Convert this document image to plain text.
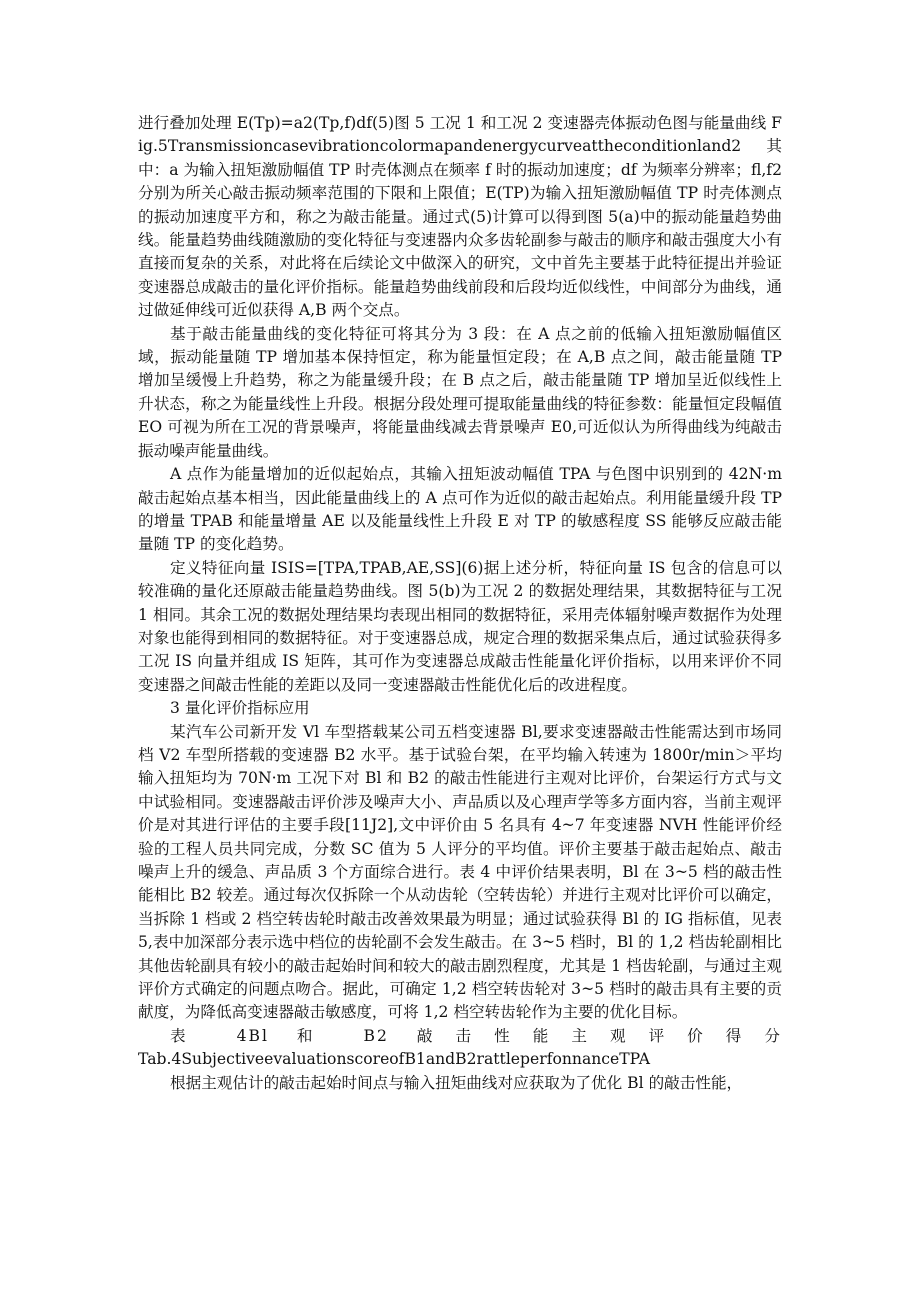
进行叠加处理 E(Tp)=a2(Tp,f)df(5)图 5 工况 1 和工况 2 变速器壳体振动色图与能量曲线 Fig.5Transmissioncasevibrationcolormapandenergycurveattheconditionland2 其中：a 为输入扭矩激励幅值 TP 时壳体测点在频率 f 时的振动加速度；df 为频率分辨率；fl,f2 分别为所关心敲击振动频率范围的下限和上限值；E(TP)为输入扭矩激励幅值 TP 时壳体测点的振动加速度平方和，称之为敲击能量。通过式(5)计算可以得到图 5(a)中的振动能量趋势曲线。能量趋势曲线随激励的变化特征与变速器内众多齿轮副参与敲击的顺序和敲击强度大小有直接而复杂的关系，对此将在后续论文中做深入的研究，文中首先主要基于此特征提出并验证变速器总成敲击的量化评价指标。能量趋势曲线前段和后段均近似线性，中间部分为曲线，通过做延伸线可近似获得 A,B 两个交点。

基于敲击能量曲线的变化特征可将其分为 3 段：在 A 点之前的低输入扭矩激励幅值区域，振动能量随 TP 增加基本保持恒定，称为能量恒定段；在 A,B 点之间，敲击能量随 TP 增加呈缓慢上升趋势，称之为能量缓升段；在 B 点之后，敲击能量随 TP 增加呈近似线性上升状态，称之为能量线性上升段。根据分段处理可提取能量曲线的特征参数：能量恒定段幅值 EO 可视为所在工况的背景噪声，将能量曲线减去背景噪声 E0,可近似认为所得曲线为纯敲击振动噪声能量曲线。

A 点作为能量增加的近似起始点，其输入扭矩波动幅值 TPA 与色图中识别到的 42N·m 敲击起始点基本相当，因此能量曲线上的 A 点可作为近似的敲击起始点。利用能量缓升段 TP 的增量 TPAB 和能量增量 AE 以及能量线性上升段 E 对 TP 的敏感程度 SS 能够反应敲击能量随 TP 的变化趋势。

定义特征向量 ISIS=[TPA,TPAB,AE,SS](6)据上述分析，特征向量 IS 包含的信息可以较准确的量化还原敲击能量趋势曲线。图 5(b)为工况 2 的数据处理结果，其数据特征与工况 1 相同。其余工况的数据处理结果均表现出相同的数据特征，采用壳体辐射噪声数据作为处理对象也能得到相同的数据特征。对于变速器总成，规定合理的数据采集点后，通过试验获得多工况 IS 向量并组成 IS 矩阵，其可作为变速器总成敲击性能量化评价指标，以用来评价不同变速器之间敲击性能的差距以及同一变速器敲击性能优化后的改进程度。

3 量化评价指标应用

某汽车公司新开发 Vl 车型搭载某公司五档变速器 Bl,要求变速器敲击性能需达到市场同档 V2 车型所搭载的变速器 B2 水平。基于试验台架，在平均输入转速为 1800r/min＞平均输入扭矩均为 70N·m 工况下对 Bl 和 B2 的敲击性能进行主观对比评价，台架运行方式与文中试验相同。变速器敲击评价涉及噪声大小、声品质以及心理声学等多方面内容，当前主观评价是对其进行评估的主要手段[11J2],文中评价由 5 名具有 4~7 年变速器 NVH 性能评价经验的工程人员共同完成，分数 SC 值为 5 人评分的平均值。评价主要基于敲击起始点、敲击噪声上升的缓急、声品质 3 个方面综合进行。表 4 中评价结果表明，Bl 在 3~5 档的敲击性能相比 B2 较差。通过每次仅拆除一个从动齿轮（空转齿轮）并进行主观对比评价可以确定，当拆除 1 档或 2 档空转齿轮时敲击改善效果最为明显；通过试验获得 Bl 的 IG 指标值，见表 5,表中加深部分表示选中档位的齿轮副不会发生敲击。在 3~5 档时，Bl 的 1,2 档齿轮副相比其他齿轮副具有较小的敲击起始时间和较大的敲击剧烈程度，尤其是 1 档齿轮副，与通过主观评价方式确定的问题点吻合。据此，可确定 1,2 档空转齿轮对 3~5 档时的敲击具有主要的贡献度，为降低高变速器敲击敏感度，可将 1,2 档空转齿轮作为主要的优化目标。

表 4Bl 和 B2 敲击性能主观评价得分

Tab.4SubjectiveevaluationscoreofB1andB2rattleperfonnanceTPA

根据主观估计的敲击起始时间点与输入扭矩曲线对应获取为了优化 Bl 的敲击性能，
